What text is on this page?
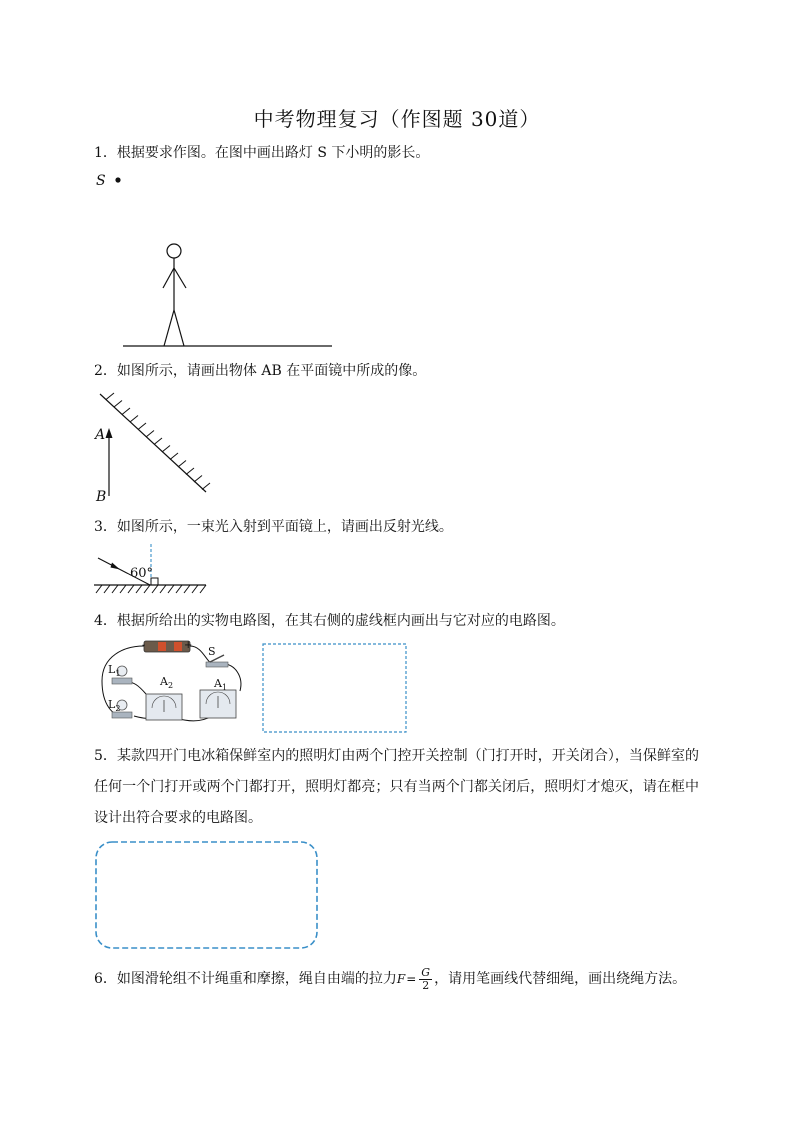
中考物理复习（作图题 30道）
1．根据要求作图。在图中画出路灯 S 下小明的影长。
S
2．如图所示，请画出物体 AB 在平面镜中所成的像。
A
B
3．如图所示，一束光入射到平面镜上，请画出反射光线。
60°
4．根据所给出的实物电路图，在其右侧的虚线框内画出与它对应的电路图。
-	+ S
$L_1$
$L_2$
$A_2$	$A_1$
5．某款四开门电冰箱保鲜室内的照明灯由两个门控开关控制（门打开时，开关闭合），当保鲜室的任何一个门打开或两个门都打开，照明灯都亮；只有当两个门都关闭后，照明灯才熄灭，请在框中设计出符合要求的电路图。
6．如图滑轮组不计绳重和摩擦，绳自由端的拉力$F= \frac{G}{2}$ ，请用笔画线代替细绳，画出绕绳方法。
